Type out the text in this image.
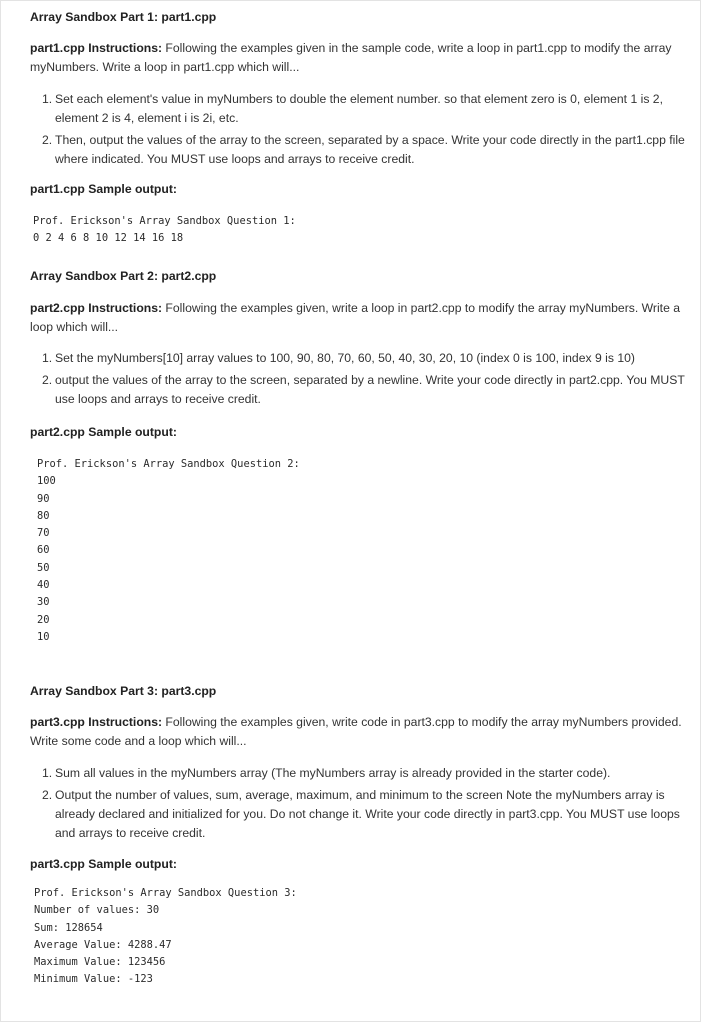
Array Sandbox Part 1: part1.cpp
part1.cpp Instructions: Following the examples given in the sample code, write a loop in part1.cpp to modify the array myNumbers. Write a loop in part1.cpp which will...
1. Set each element's value in myNumbers to double the element number. so that element zero is 0, element 1 is 2, element 2 is 4, element i is 2i, etc.
2. Then, output the values of the array to the screen, separated by a space. Write your code directly in the part1.cpp file where indicated. You MUST use loops and arrays to receive credit.
part1.cpp Sample output:
Prof. Erickson's Array Sandbox Question 1:
0 2 4 6 8 10 12 14 16 18
Array Sandbox Part 2: part2.cpp
part2.cpp Instructions: Following the examples given, write a loop in part2.cpp to modify the array myNumbers. Write a loop which will...
1. Set the myNumbers[10] array values to 100, 90, 80, 70, 60, 50, 40, 30, 20, 10 (index 0 is 100, index 9 is 10)
2. output the values of the array to the screen, separated by a newline. Write your code directly in part2.cpp. You MUST use loops and arrays to receive credit.
part2.cpp Sample output:
Prof. Erickson's Array Sandbox Question 2:
100
90
80
70
60
50
40
30
20
10
Array Sandbox Part 3: part3.cpp
part3.cpp Instructions: Following the examples given, write code in part3.cpp to modify the array myNumbers provided. Write some code and a loop which will...
1. Sum all values in the myNumbers array (The myNumbers array is already provided in the starter code).
2. Output the number of values, sum, average, maximum, and minimum to the screen Note the myNumbers array is already declared and initialized for you. Do not change it. Write your code directly in part3.cpp. You MUST use loops and arrays to receive credit.
part3.cpp Sample output:
Prof. Erickson's Array Sandbox Question 3:
Number of values: 30
Sum: 128654
Average Value: 4288.47
Maximum Value: 123456
Minimum Value: -123
